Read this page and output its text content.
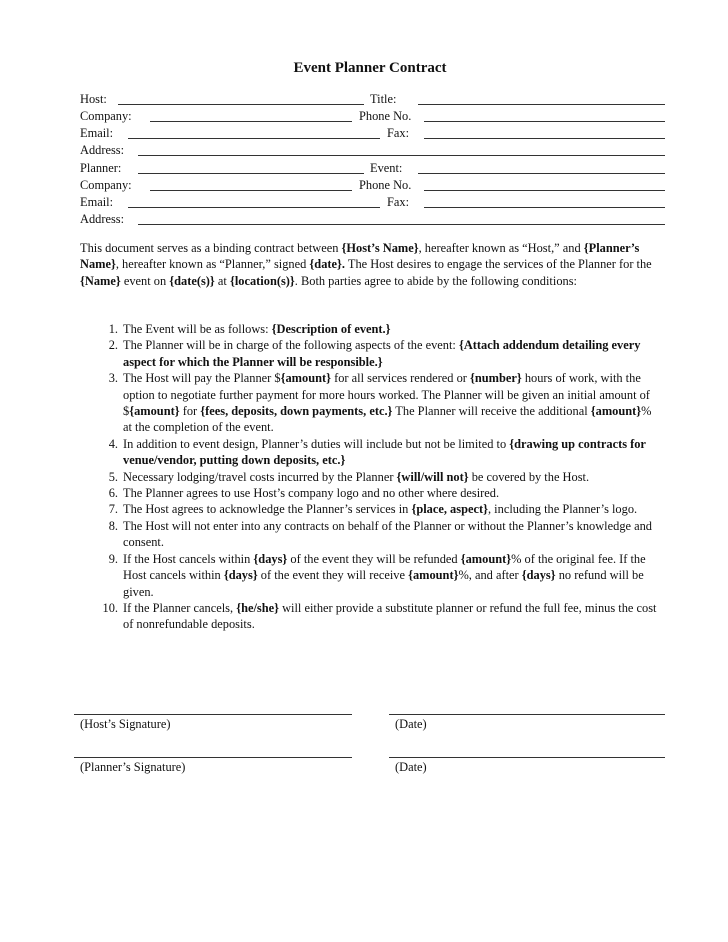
Event Planner Contract
Host:	Title:
Company:	Phone No.
Email:	Fax:
Address:
Planner:	Event:
Company:	Phone No.
Email:	Fax:
Address:

This document serves as a binding contract between {Host’s Name}, hereafter known as “Host,” and {Planner’s Name}, hereafter known as “Planner,” signed {date}. The Host desires to engage the services of the Planner for the {Name} event on {date(s)} at {location(s)}. Both parties agree to abide by the following conditions:

1. The Event will be as follows: {Description of event.}
2. The Planner will be in charge of the following aspects of the event: {Attach addendum detailing every aspect for which the Planner will be responsible.}
3. The Host will pay the Planner ${amount} for all services rendered or {number} hours of work, with the option to negotiate further payment for more hours worked. The Planner will be given an initial amount of ${amount} for {fees, deposits, down payments, etc.} The Planner will receive the additional {amount}% at the completion of the event.
4. In addition to event design, Planner’s duties will include but not be limited to {drawing up contracts for venue/vendor, putting down deposits, etc.}
5. Necessary lodging/travel costs incurred by the Planner {will/will not} be covered by the Host.
6. The Planner agrees to use Host’s company logo and no other where desired.
7. The Host agrees to acknowledge the Planner’s services in {place, aspect}, including the Planner’s logo.
8. The Host will not enter into any contracts on behalf of the Planner or without the Planner’s knowledge and consent.
9. If the Host cancels within {days} of the event they will be refunded {amount}% of the original fee. If the Host cancels within {days} of the event they will receive {amount}%, and after {days} no refund will be given.
10. If the Planner cancels, {he/she} will either provide a substitute planner or refund the full fee, minus the cost of nonrefundable deposits.
(Host’s Signature)	(Date)
(Planner’s Signature)	(Date)
